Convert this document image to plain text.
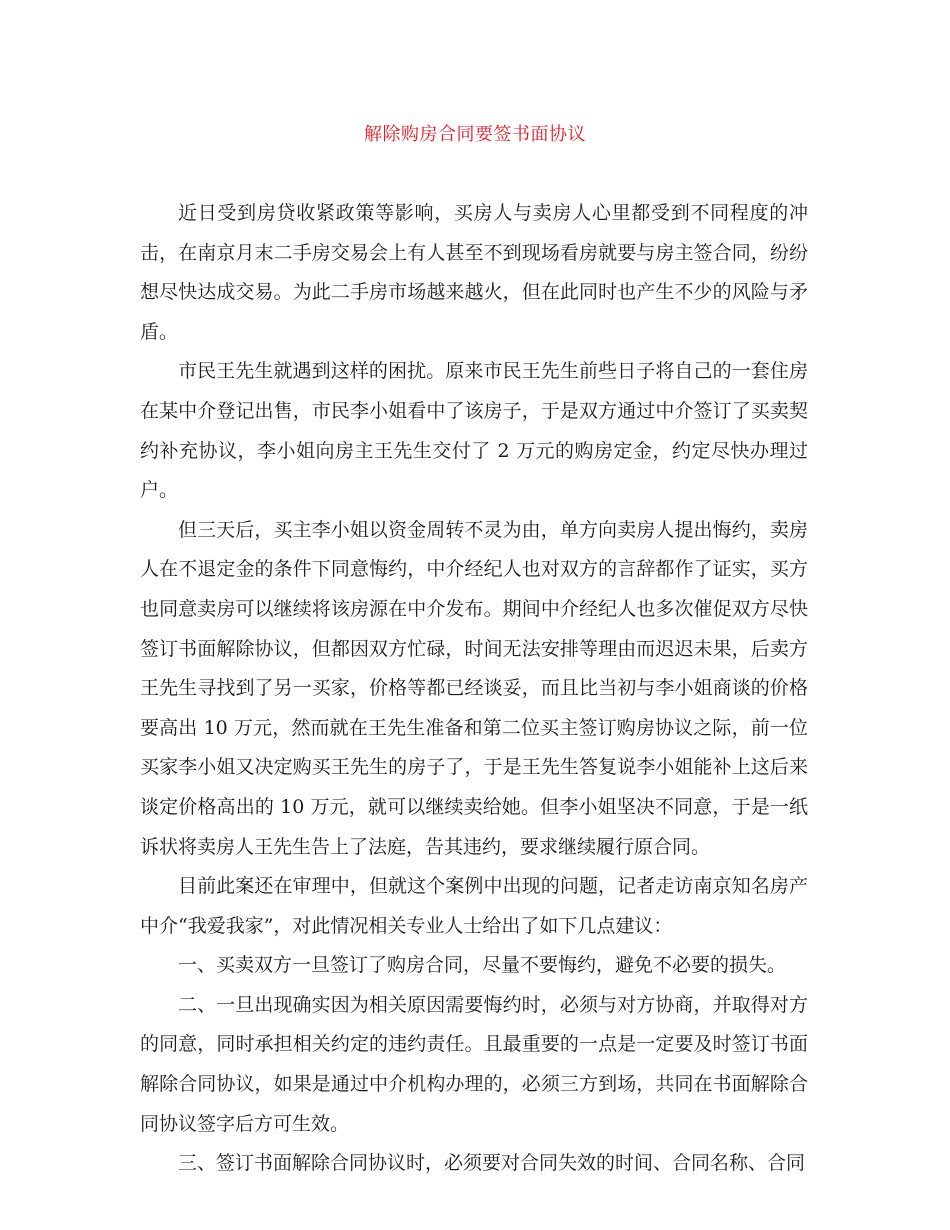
解除购房合同要签书面协议

近日受到房贷收紧政策等影响，买房人与卖房人心里都受到不同程度的冲击，在南京月末二手房交易会上有人甚至不到现场看房就要与房主签合同，纷纷想尽快达成交易。为此二手房市场越来越火，但在此同时也产生不少的风险与矛盾。

市民王先生就遇到这样的困扰。原来市民王先生前些日子将自己的一套住房在某中介登记出售，市民李小姐看中了该房子，于是双方通过中介签订了买卖契约补充协议，李小姐向房主王先生交付了 2 万元的购房定金，约定尽快办理过户。

但三天后，买主李小姐以资金周转不灵为由，单方向卖房人提出悔约，卖房人在不退定金的条件下同意悔约，中介经纪人也对双方的言辞都作了证实，买方也同意卖房可以继续将该房源在中介发布。期间中介经纪人也多次催促双方尽快签订书面解除协议，但都因双方忙碌，时间无法安排等理由而迟迟未果，后卖方王先生寻找到了另一买家，价格等都已经谈妥，而且比当初与李小姐商谈的价格要高出 10 万元，然而就在王先生准备和第二位买主签订购房协议之际，前一位买家李小姐又决定购买王先生的房子了，于是王先生答复说李小姐能补上这后来谈定价格高出的 10 万元，就可以继续卖给她。但李小姐坚决不同意，于是一纸诉状将卖房人王先生告上了法庭，告其违约，要求继续履行原合同。

目前此案还在审理中，但就这个案例中出现的问题，记者走访南京知名房产中介“我爱我家”，对此情况相关专业人士给出了如下几点建议：

一、买卖双方一旦签订了购房合同，尽量不要悔约，避免不必要的损失。

二、一旦出现确实因为相关原因需要悔约时，必须与对方协商，并取得对方的同意，同时承担相关约定的违约责任。且最重要的一点是一定要及时签订书面解除合同协议，如果是通过中介机构办理的，必须三方到场，共同在书面解除合同协议签字后方可生效。

三、签订书面解除合同协议时，必须要对合同失效的时间、合同名称、合同
